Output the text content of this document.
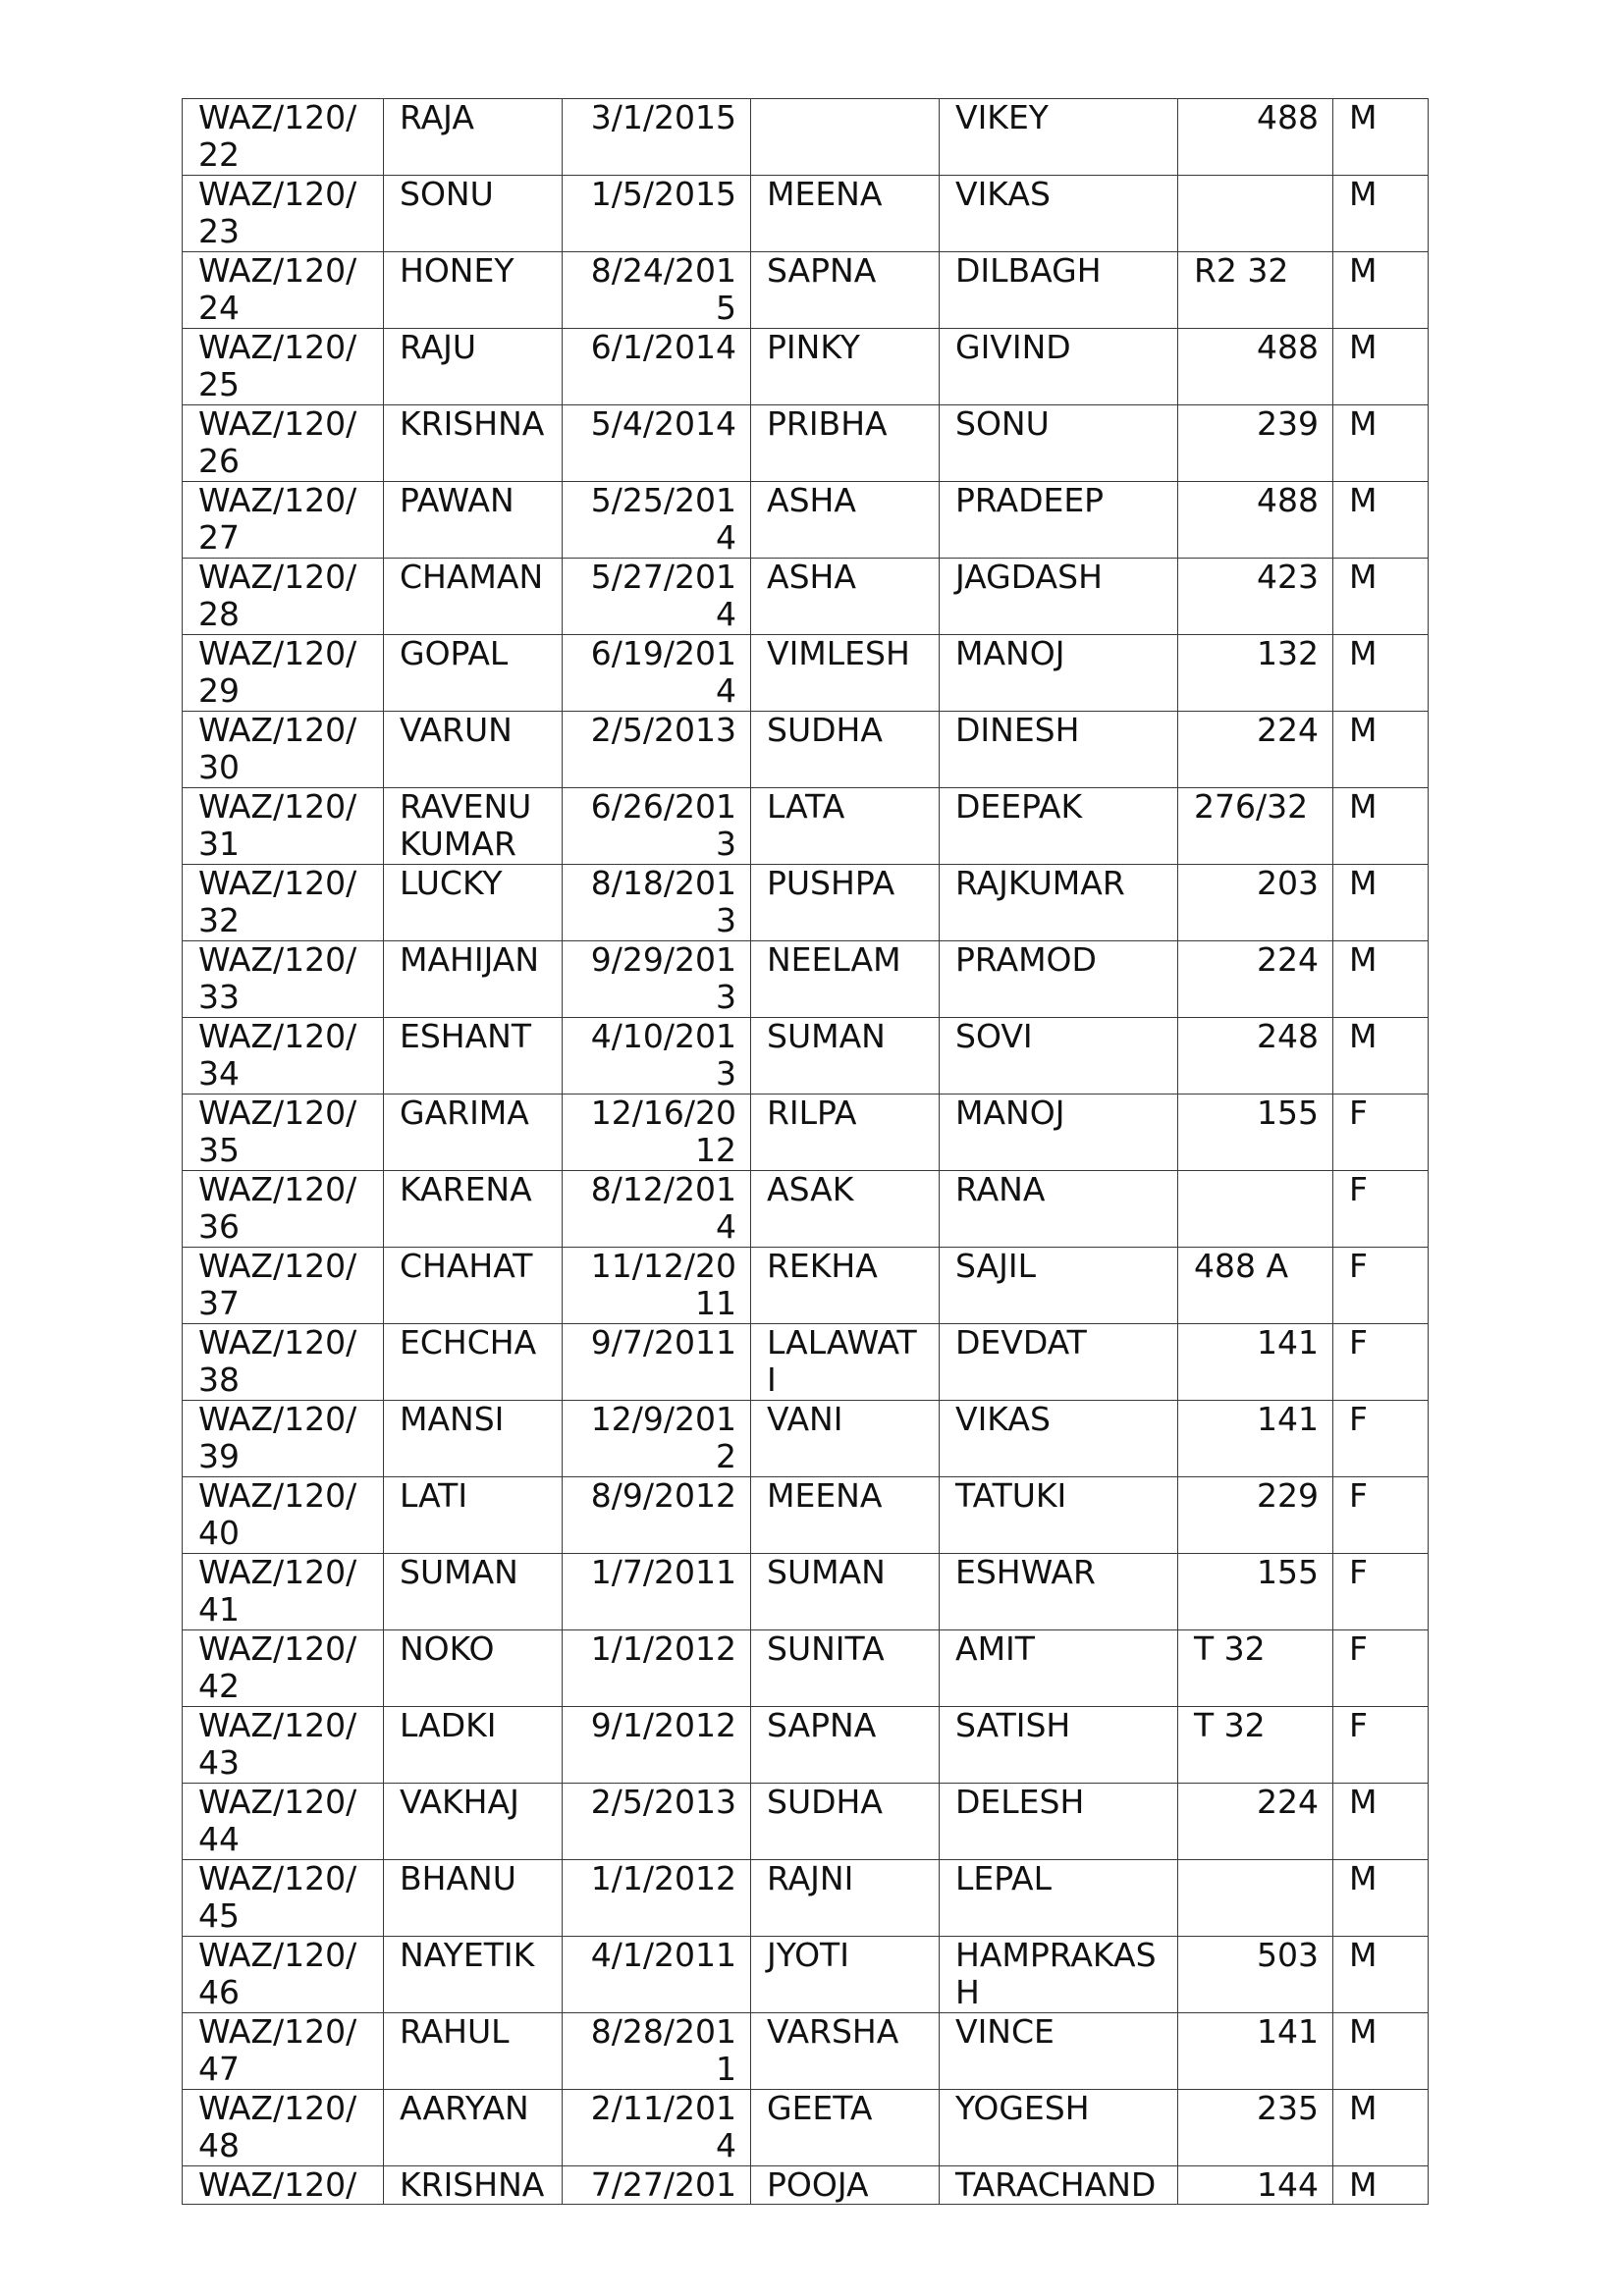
WAZ/120/22	RAJA	3/1/2015		VIKEY	488	M
WAZ/120/23	SONU	1/5/2015	MEENA	VIKAS		M
WAZ/120/24	HONEY	8/24/2015	SAPNA	DILBAGH	R2 32	M
WAZ/120/25	RAJU	6/1/2014	PINKY	GIVIND	488	M
WAZ/120/26	KRISHNA	5/4/2014	PRIBHA	SONU	239	M
WAZ/120/27	PAWAN	5/25/2014	ASHA	PRADEEP	488	M
WAZ/120/28	CHAMAN	5/27/2014	ASHA	JAGDASH	423	M
WAZ/120/29	GOPAL	6/19/2014	VIMLESH	MANOJ	132	M
WAZ/120/30	VARUN	2/5/2013	SUDHA	DINESH	224	M
WAZ/120/31	RAVENU KUMAR	6/26/2013	LATA	DEEPAK	276/32	M
WAZ/120/32	LUCKY	8/18/2013	PUSHPA	RAJKUMAR	203	M
WAZ/120/33	MAHIJAN	9/29/2013	NEELAM	PRAMOD	224	M
WAZ/120/34	ESHANT	4/10/2013	SUMAN	SOVI	248	M
WAZ/120/35	GARIMA	12/16/2012	RILPA	MANOJ	155	F
WAZ/120/36	KARENA	8/12/2014	ASAK	RANA		F
WAZ/120/37	CHAHAT	11/12/2011	REKHA	SAJIL	488 A	F
WAZ/120/38	ECHCHA	9/7/2011	LALAWATI	DEVDAT	141	F
WAZ/120/39	MANSI	12/9/2012	VANI	VIKAS	141	F
WAZ/120/40	LATI	8/9/2012	MEENA	TATUKI	229	F
WAZ/120/41	SUMAN	1/7/2011	SUMAN	ESHWAR	155	F
WAZ/120/42	NOKO	1/1/2012	SUNITA	AMIT	T 32	F
WAZ/120/43	LADKI	9/1/2012	SAPNA	SATISH	T 32	F
WAZ/120/44	VAKHAJ	2/5/2013	SUDHA	DELESH	224	M
WAZ/120/45	BHANU	1/1/2012	RAJNI	LEPAL		M
WAZ/120/46	NAYETIK	4/1/2011	JYOTI	HAMPRAKASH	503	M
WAZ/120/47	RAHUL	8/28/2011	VARSHA	VINCE	141	M
WAZ/120/48	AARYAN	2/11/2014	GEETA	YOGESH	235	M
WAZ/120/	KRISHNA	7/27/201	POOJA	TARACHAND	144	M
